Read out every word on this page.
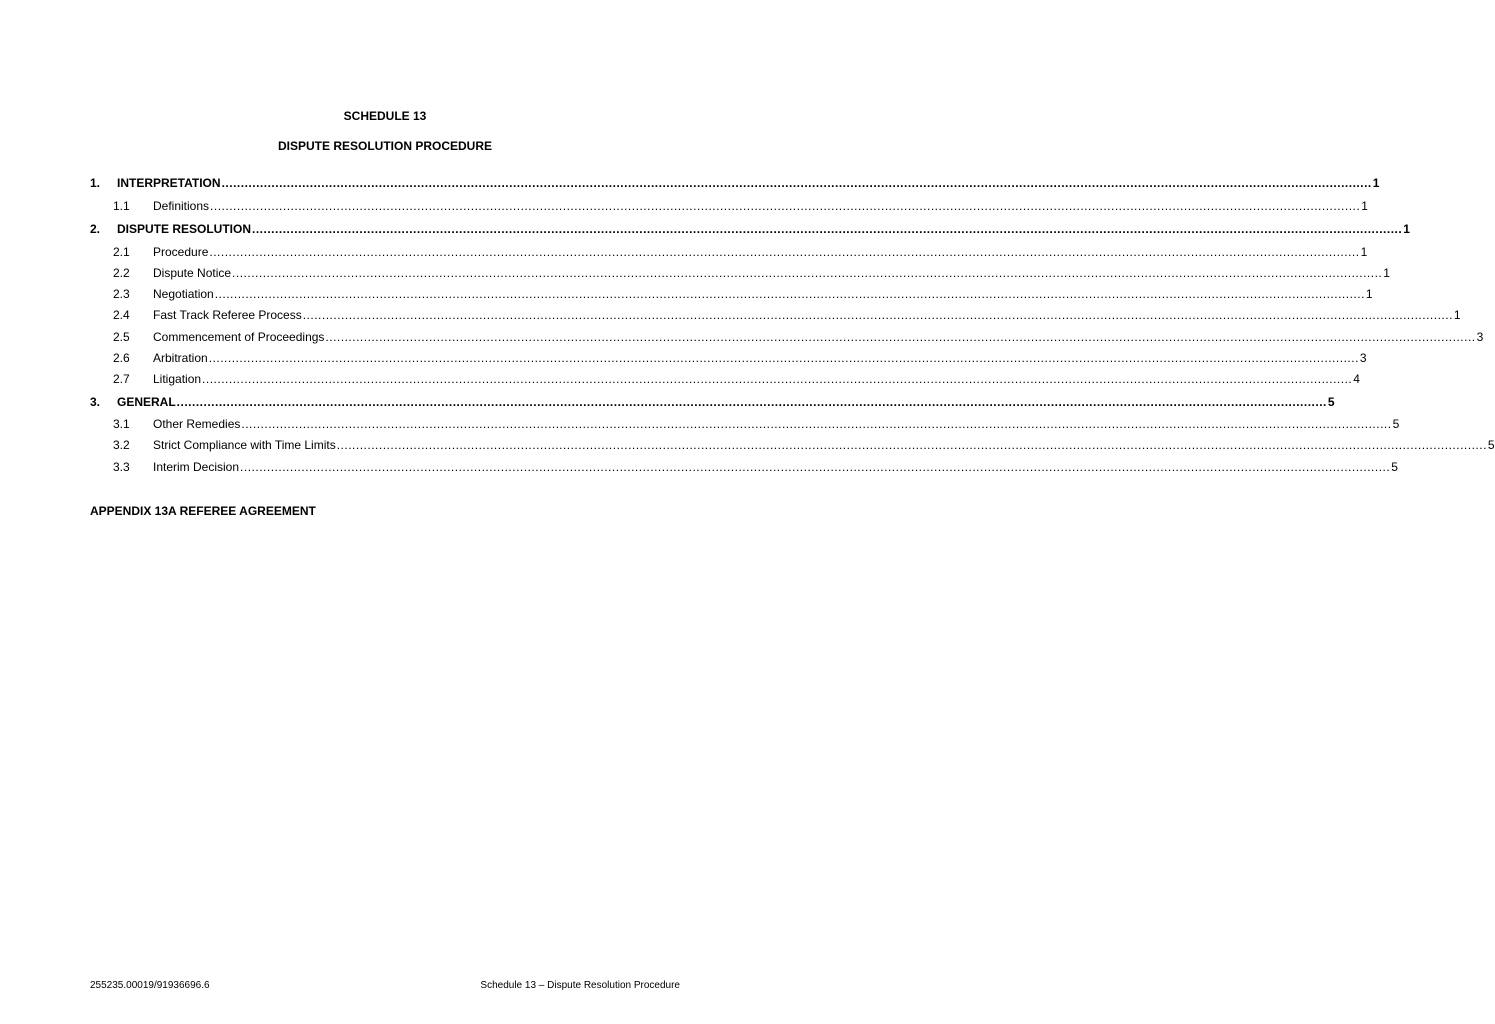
SCHEDULE 13
DISPUTE RESOLUTION PROCEDURE
1.	INTERPRETATION ............................................................................................................................................................................................................................................................................................................ 1
1.1	Definitions ............................................................................................................................................................................................................................................................................................................ 1
2.	DISPUTE RESOLUTION ............................................................................................................................................................................................................................................................................................................ 1
2.1	Procedure ............................................................................................................................................................................................................................................................................................................ 1
2.2	Dispute Notice ............................................................................................................................................................................................................................................................................................................ 1
2.3	Negotiation ............................................................................................................................................................................................................................................................................................................ 1
2.4	Fast Track Referee Process ............................................................................................................................................................................................................................................................................................................ 1
2.5	Commencement of Proceedings ............................................................................................................................................................................................................................................................................................................ 3
2.6	Arbitration ............................................................................................................................................................................................................................................................................................................ 3
2.7	Litigation ............................................................................................................................................................................................................................................................................................................ 4
3.	GENERAL ............................................................................................................................................................................................................................................................................................................ 5
3.1	Other Remedies ............................................................................................................................................................................................................................................................................................................ 5
3.2	Strict Compliance with Time Limits ............................................................................................................................................................................................................................................................................................................ 5
3.3	Interim Decision ............................................................................................................................................................................................................................................................................................................ 5
APPENDIX 13A REFEREE AGREEMENT
255235.00019/91936696.6	Schedule 13 – Dispute Resolution Procedure
